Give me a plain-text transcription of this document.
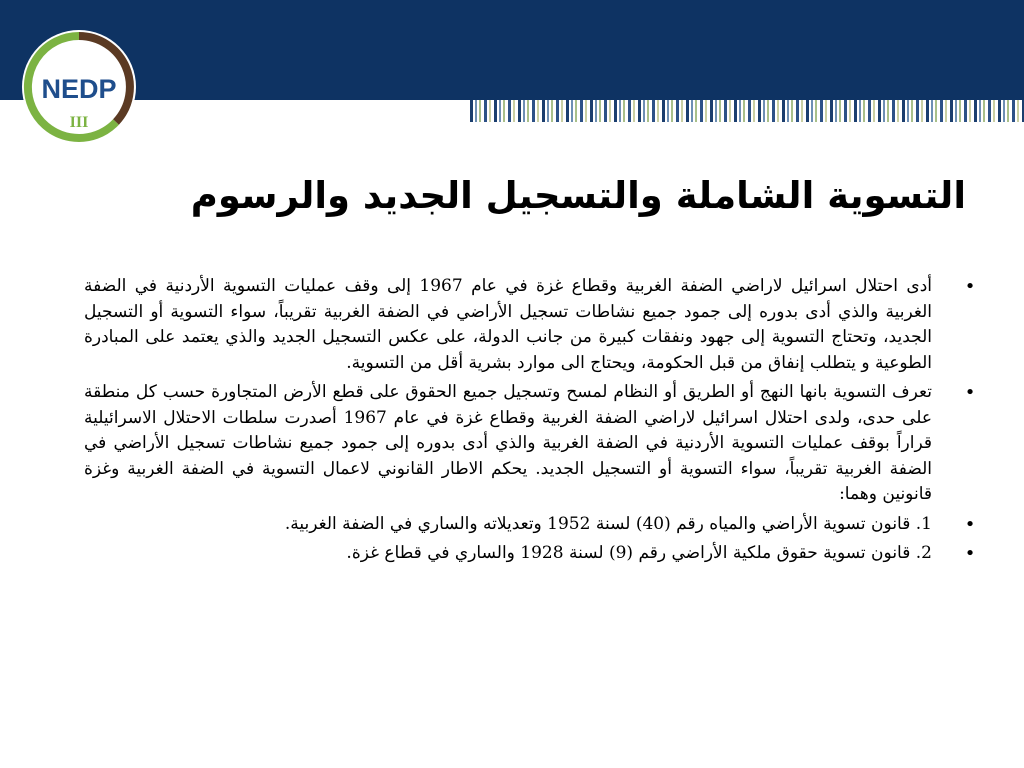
NEDP
III
التسوية الشاملة والتسجيل الجديد والرسوم
•
أدى احتلال اسرائيل لاراضي الضفة الغربية وقطاع غزة في عام 1967 إلى وقف عمليات التسوية الأردنية في الضفة الغربية والذي أدى بدوره إلى جمود جميع نشاطات تسجيل الأراضي في الضفة الغربية تقريباً، سواء التسوية أو التسجيل الجديد، وتحتاج التسوية إلى جهود ونفقات كبيرة من جانب الدولة، على عكس التسجيل الجديد والذي يعتمد على المبادرة الطوعية و يتطلب إنفاق من قبل الحكومة، ويحتاج الى موارد بشرية أقل من التسوية.
•
تعرف التسوية بانها النهج أو الطريق أو النظام لمسح وتسجيل جميع الحقوق على قطع الأرض المتجاورة حسب كل منطقة على حدى، ولدى احتلال اسرائيل لاراضي الضفة الغربية وقطاع غزة في عام 1967 أصدرت سلطات الاحتلال الاسرائيلية قراراً بوقف عمليات التسوية الأردنية في الضفة الغربية والذي أدى بدوره إلى جمود جميع نشاطات تسجيل الأراضي في الضفة الغربية تقريباً، سواء التسوية أو التسجيل الجديد. يحكم الاطار القانوني لاعمال التسوية في الضفة الغربية وغزة قانونين وهما:
•
1. قانون تسوية الأراضي والمياه رقم (40) لسنة 1952 وتعديلاته والساري في الضفة الغربية.
•
2. قانون تسوية حقوق ملكية الأراضي رقم (9) لسنة 1928 والساري في قطاع غزة.
